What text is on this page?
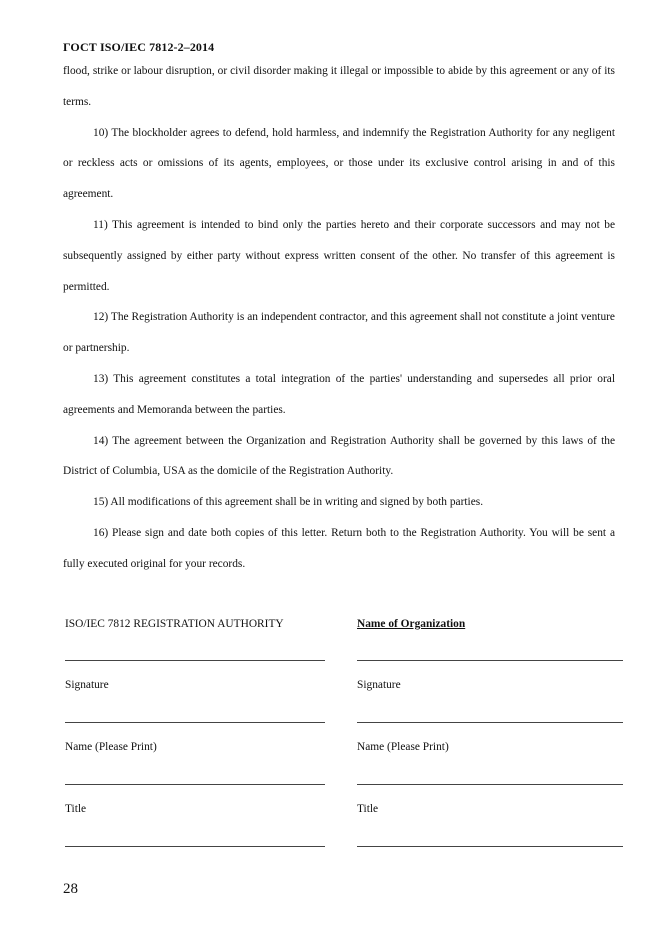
ГОСТ ISO/IEC 7812-2–2014

flood, strike or labour disruption, or civil disorder making it illegal or impossible to abide by this agreement or any of its terms.

10) The blockholder agrees to defend, hold harmless, and indemnify the Registration Authority for any negligent or reckless acts or omissions of its agents, employees, or those under its exclusive control arising in and of this agreement.

11) This agreement is intended to bind only the parties hereto and their corporate successors and may not be subsequently assigned by either party without express written consent of the other. No transfer of this agreement is permitted.

12) The Registration Authority is an independent contractor, and this agreement shall not constitute a joint venture or partnership.

13) This agreement constitutes a total integration of the parties' understanding and supersedes all prior oral agreements and Memoranda between the parties.

14) The agreement between the Organization and Registration Authority shall be governed by this laws of the District of Columbia, USA as the domicile of the Registration Authority.

15) All modifications of this agreement shall be in writing and signed by both parties.

16) Please sign and date both copies of this letter. Return both to the Registration Authority. You will be sent a fully executed original for your records.

ISO/IEC 7812 REGISTRATION AUTHORITY
Signature
Name (Please Print)
Title
Name of Organization
Signature
Name (Please Print)
Title
28
